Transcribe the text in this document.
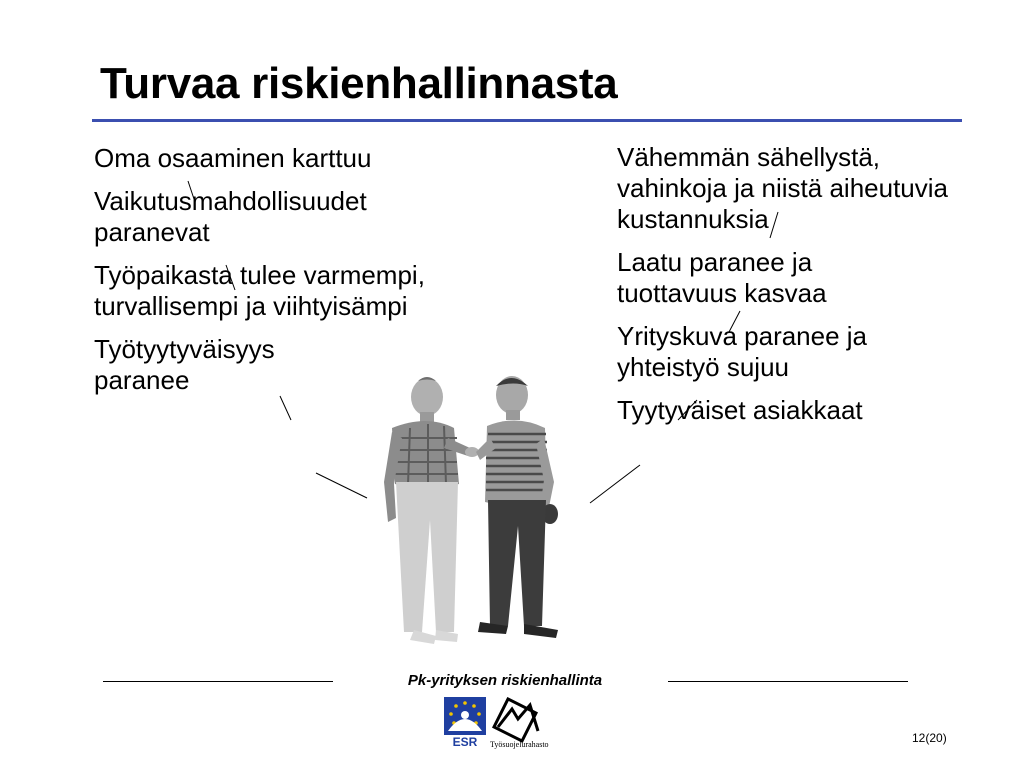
Turvaa riskienhallinnasta

Oma osaaminen karttuu

Vaikutusmahdollisuudet paranevat

Työpaikasta tulee varmempi, turvallisempi ja viihtyisämpi

Työtyytyväisyys paranee

Vähemmän sähellystä, vahinkoja ja niistä aiheutuvia kustannuksia

Laatu paranee ja tuottavuus kasvaa

Yrityskuva paranee ja yhteistyö sujuu

Tyytyväiset asiakkaat

Pk-yrityksen riskienhallinta
ESR Työsuojelurahasto	12(20)
